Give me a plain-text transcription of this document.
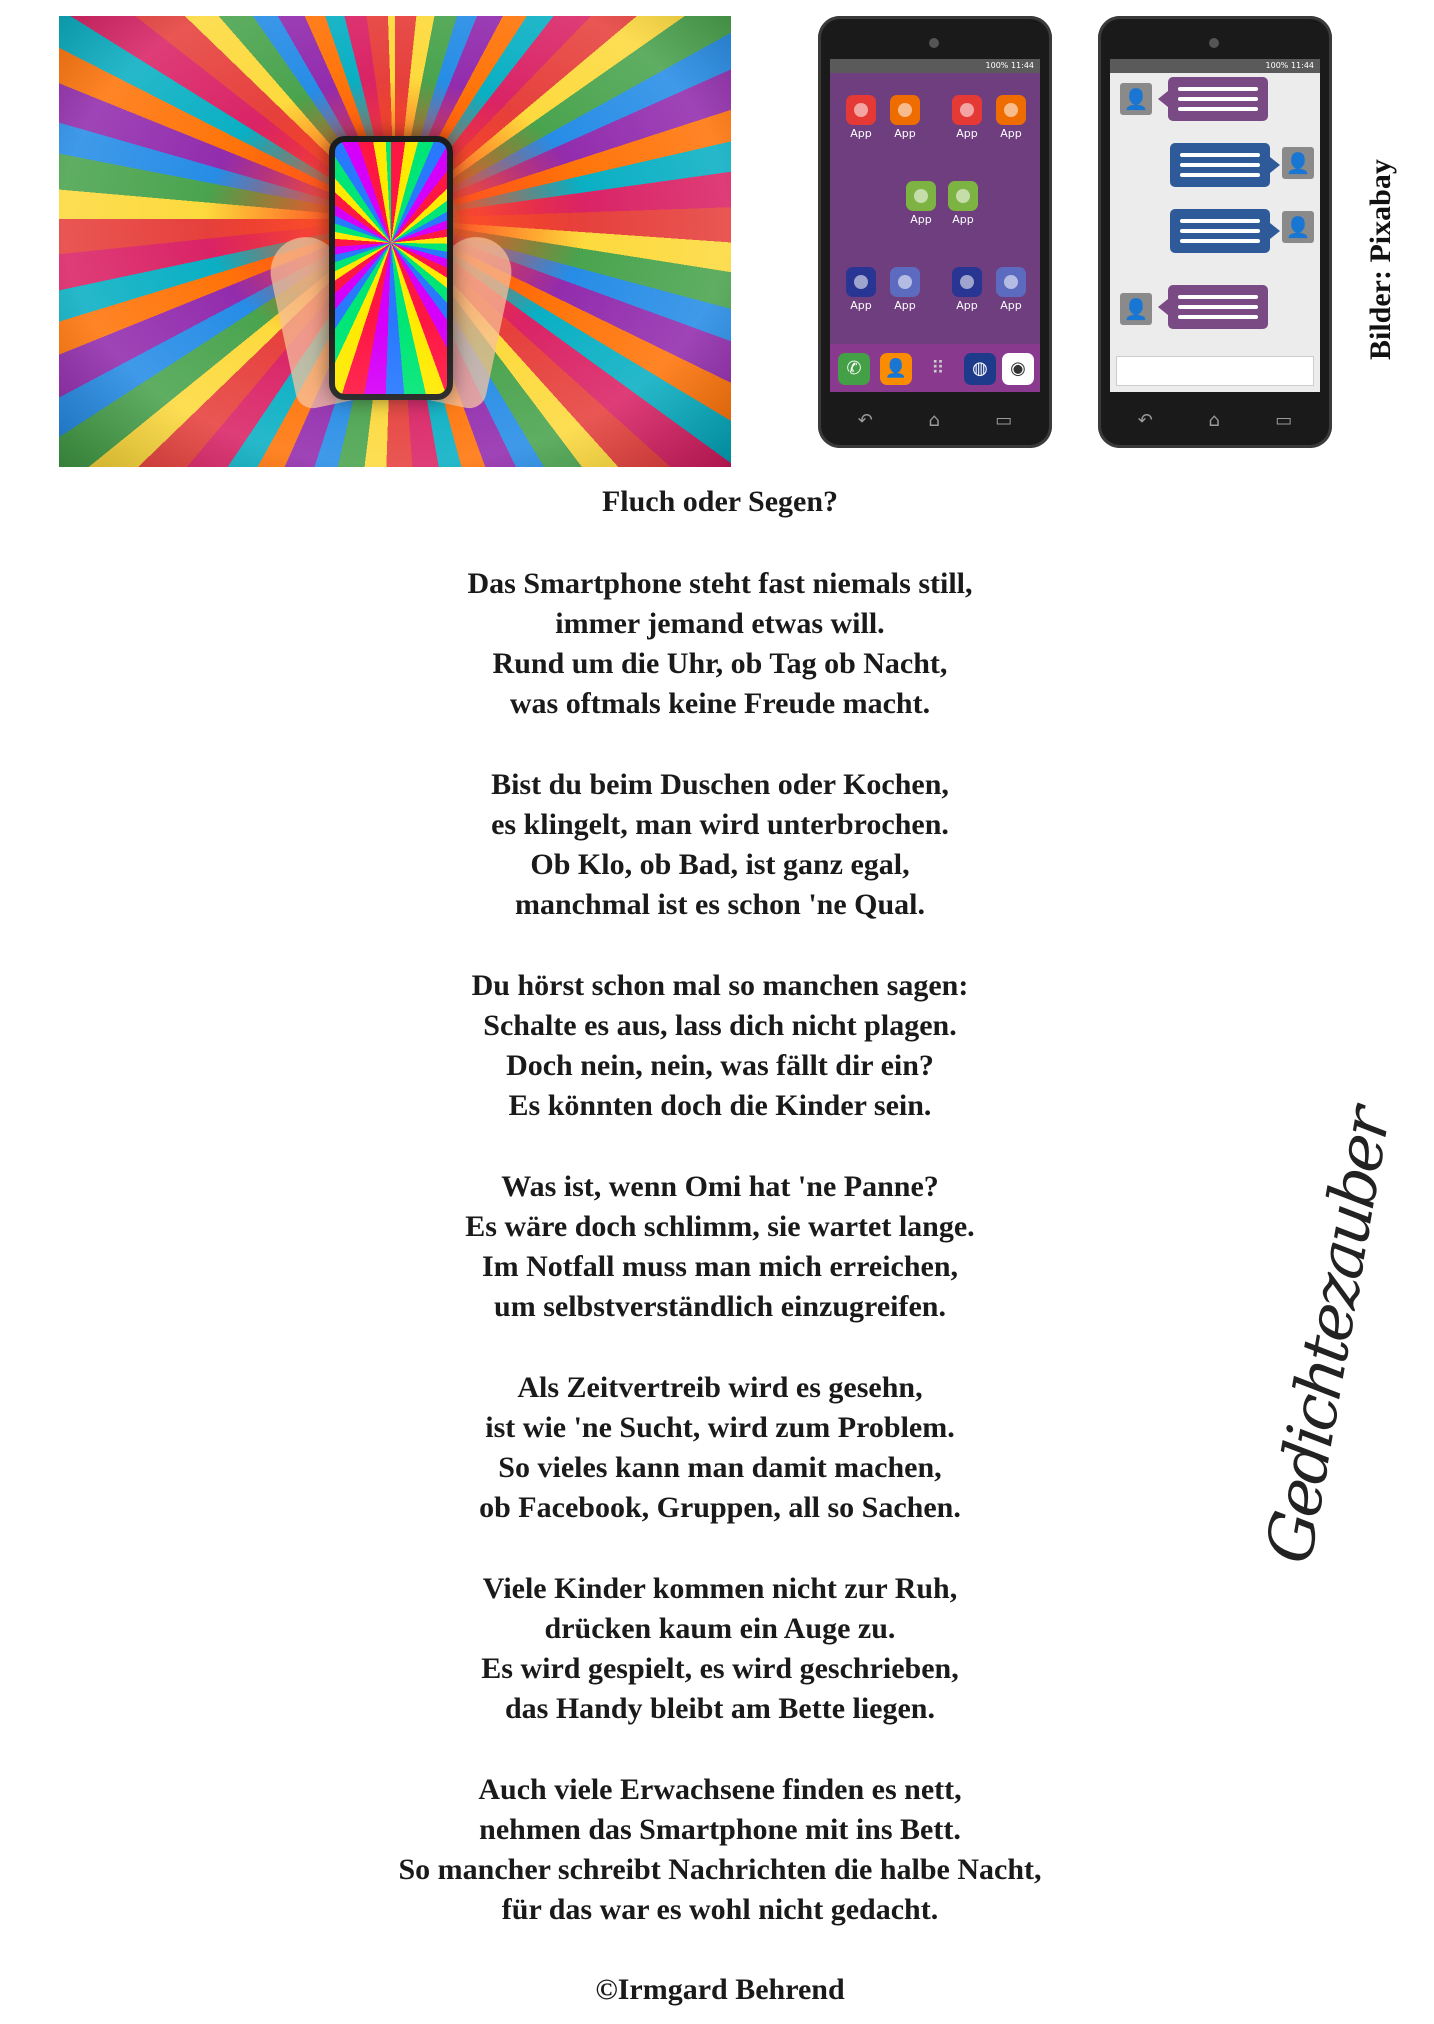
100% 11:44
✆	👤	⠿	◍	◉
App	App	App	App
App	App
App	App	App	App
↶	⌂	▭
100% 11:44
👤
👤
👤
👤
↶	⌂	▭
Bilder: Pixabay
Fluch oder Segen?
Das Smartphone steht fast niemals still,
immer jemand etwas will.
Rund um die Uhr, ob Tag ob Nacht,
was oftmals keine Freude macht.
Bist du beim Duschen oder Kochen,
es klingelt, man wird unterbrochen.
Ob Klo, ob Bad, ist ganz egal,
manchmal ist es schon 'ne Qual.
Du hörst schon mal so manchen sagen:
Schalte es aus, lass dich nicht plagen.
Doch nein, nein, was fällt dir ein?
Es könnten doch die Kinder sein.
Was ist, wenn Omi hat 'ne Panne?
Es wäre doch schlimm, sie wartet lange.
Im Notfall muss man mich erreichen,
um selbstverständlich einzugreifen.
Als Zeitvertreib wird es gesehn,
ist wie 'ne Sucht, wird zum Problem.
So vieles kann man damit machen,
ob Facebook, Gruppen, all so Sachen.
Viele Kinder kommen nicht zur Ruh,
drücken kaum ein Auge zu.
Es wird gespielt, es wird geschrieben,
das Handy bleibt am Bette liegen.
Auch viele Erwachsene finden es nett,
nehmen das Smartphone mit ins Bett.
So mancher schreibt Nachrichten die halbe Nacht,
für das war es wohl nicht gedacht.
©Irmgard Behrend
Gedichtezauber
